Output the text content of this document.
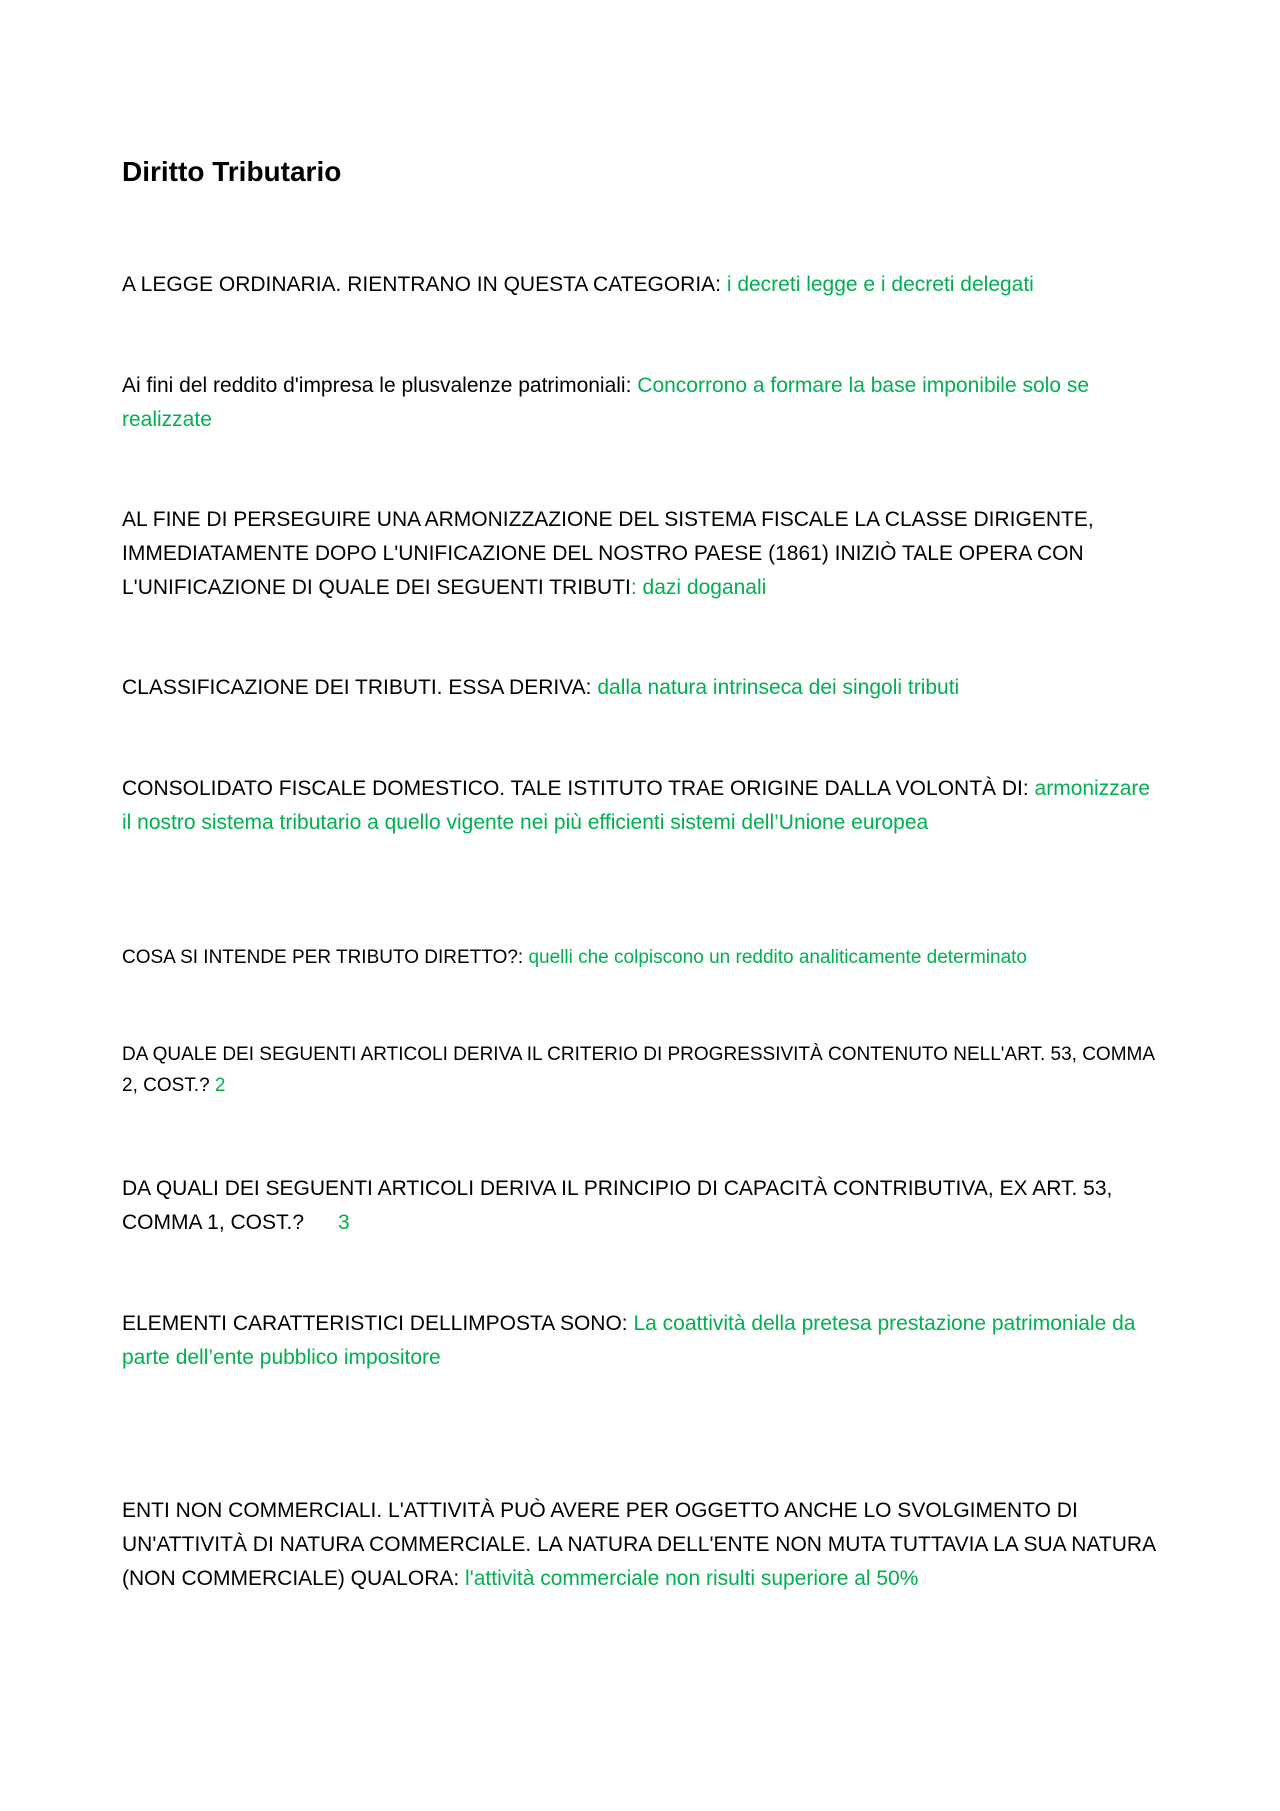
Diritto Tributario

A LEGGE ORDINARIA. RIENTRANO IN QUESTA CATEGORIA: i decreti legge e i decreti delegati

Ai fini del reddito d'impresa le plusvalenze patrimoniali: Concorrono a formare la base imponibile solo se realizzate

AL FINE DI PERSEGUIRE UNA ARMONIZZAZIONE DEL SISTEMA FISCALE LA CLASSE DIRIGENTE, IMMEDIATAMENTE DOPO L'UNIFICAZIONE DEL NOSTRO PAESE (1861) INIZIÒ TALE OPERA CON L'UNIFICAZIONE DI QUALE DEI SEGUENTI TRIBUTI: dazi doganali

CLASSIFICAZIONE DEI TRIBUTI. ESSA DERIVA: dalla natura intrinseca dei singoli tributi

CONSOLIDATO FISCALE DOMESTICO. TALE ISTITUTO TRAE ORIGINE DALLA VOLONTÀ DI: armonizzare il nostro sistema tributario a quello vigente nei più efficienti sistemi dell’Unione europea

COSA SI INTENDE PER TRIBUTO DIRETTO?: quelli che colpiscono un reddito analiticamente determinato

DA QUALE DEI SEGUENTI ARTICOLI DERIVA IL CRITERIO DI PROGRESSIVITÀ CONTENUTO NELL'ART. 53, COMMA 2, COST.? 2

DA QUALI DEI SEGUENTI ARTICOLI DERIVA IL PRINCIPIO DI CAPACITÀ CONTRIBUTIVA, EX ART. 53, COMMA 1, COST.? 3

ELEMENTI CARATTERISTICI DELLIMPOSTA SONO: La coattività della pretesa prestazione patrimoniale da parte dell’ente pubblico impositore

ENTI NON COMMERCIALI. L'ATTIVITÀ PUÒ AVERE PER OGGETTO ANCHE LO SVOLGIMENTO DI UN'ATTIVITÀ DI NATURA COMMERCIALE. LA NATURA DELL'ENTE NON MUTA TUTTAVIA LA SUA NATURA (NON COMMERCIALE) QUALORA: l'attività commerciale non risulti superiore al 50%
